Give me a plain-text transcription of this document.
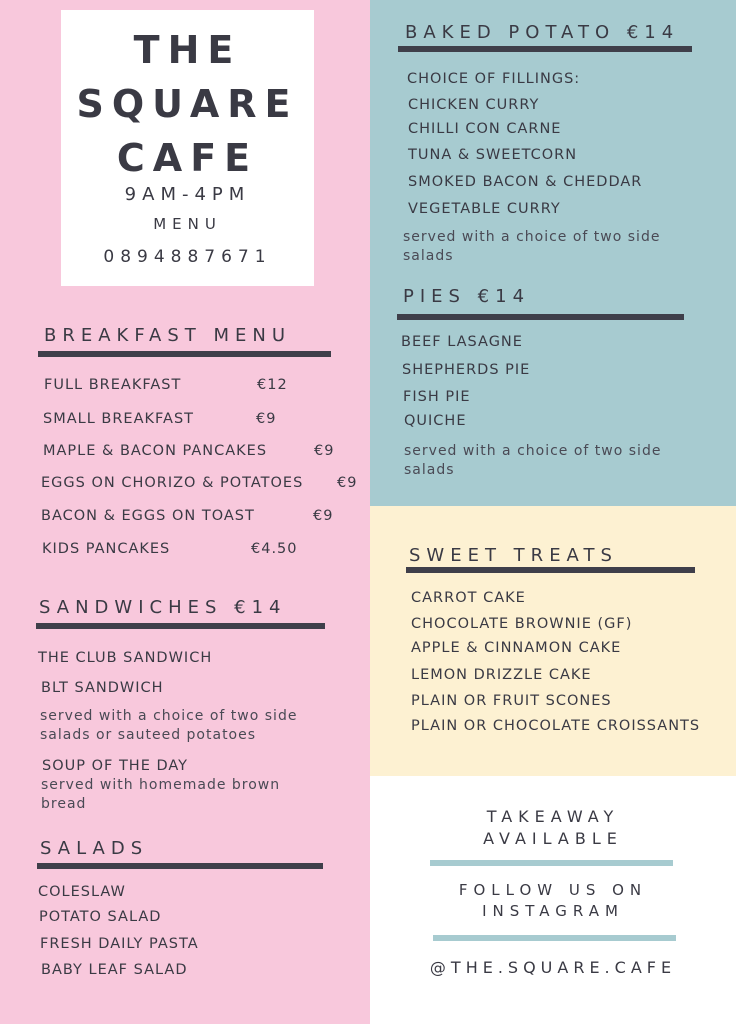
THE
SQUARE
CAFE
9AM-4PM
MENU
0894887671
BREAKFAST MENU
FULL BREAKFAST	€12
SMALL BREAKFAST	€9
MAPLE & BACON PANCAKES	€9
EGGS ON CHORIZO & POTATOES €9
BACON & EGGS ON TOAST	€9
KIDS PANCAKES	€4.50
SANDWICHES €14
THE CLUB SANDWICH
BLT SANDWICH
served with a choice of two side salads or sauteed potatoes
SOUP OF THE DAY
served with homemade brown bread
SALADS
COLESLAW
POTATO SALAD
FRESH DAILY PASTA
BABY LEAF SALAD
BAKED POTATO €14
CHOICE OF FILLINGS:
CHICKEN CURRY
CHILLI CON CARNE
TUNA & SWEETCORN
SMOKED BACON & CHEDDAR
VEGETABLE CURRY
served with a choice of two side salads
PIES €14
BEEF LASAGNE
SHEPHERDS PIE
FISH PIE
QUICHE
served with a choice of two side salads
SWEET TREATS
CARROT CAKE
CHOCOLATE BROWNIE (GF)
APPLE & CINNAMON CAKE
LEMON DRIZZLE CAKE
PLAIN OR FRUIT SCONES
PLAIN OR CHOCOLATE CROISSANTS
TAKEAWAY
AVAILABLE
FOLLOW US ON
INSTAGRAM
@THE.SQUARE.CAFE
